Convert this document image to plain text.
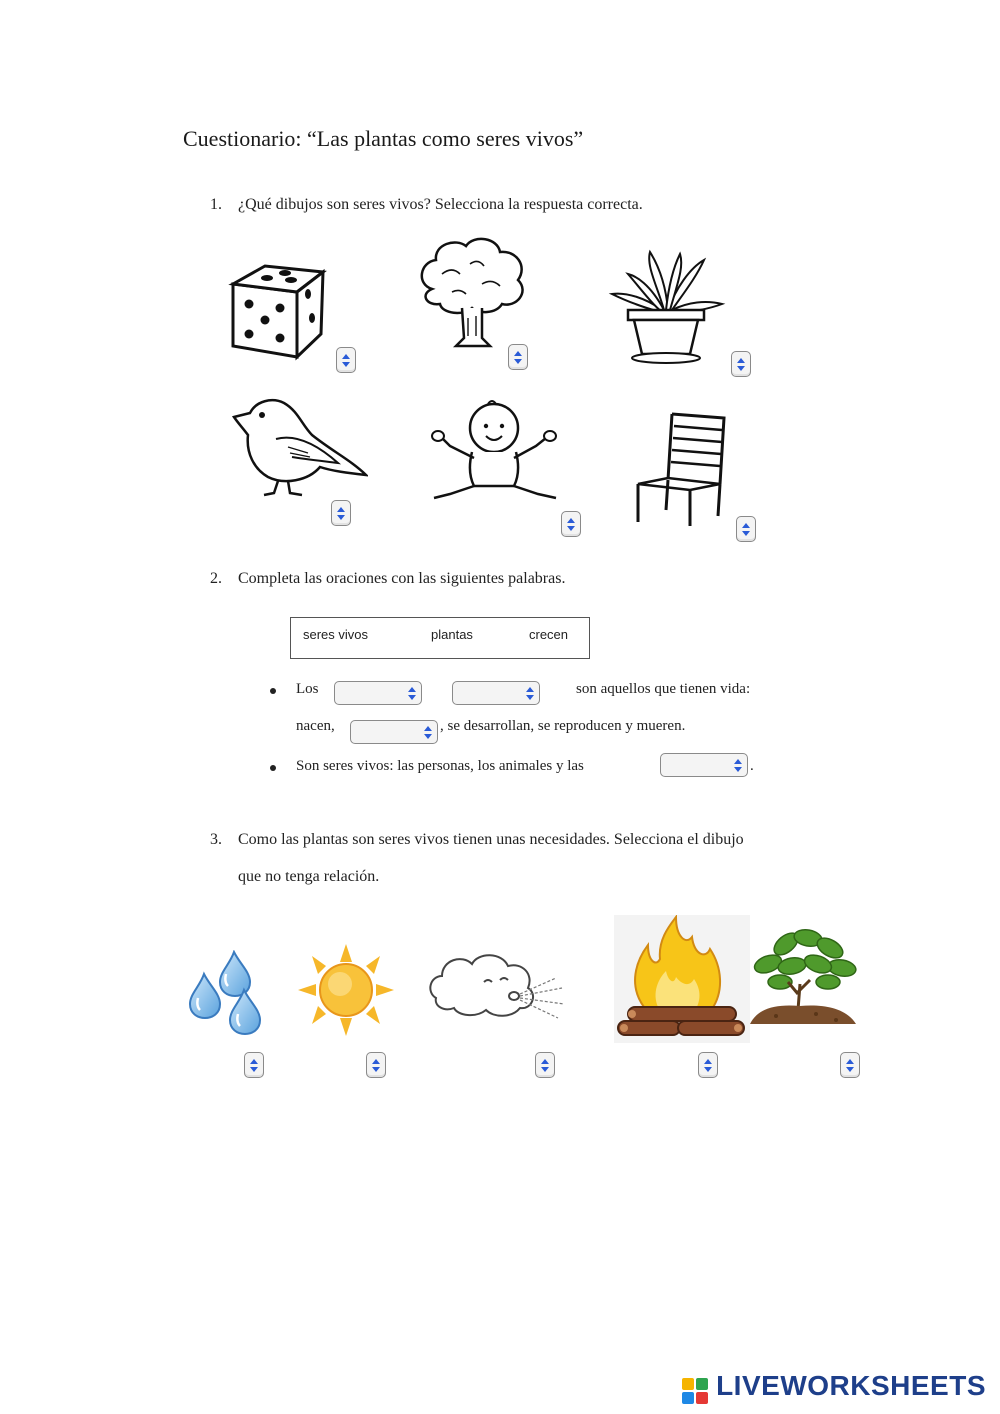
Cuestionario: “Las plantas como seres vivos”
1. ¿Qué dibujos son seres vivos? Selecciona la respuesta correcta.
2. Completa las oraciones con las siguientes palabras.
seres vivos	plantas	crecen
Los	son aquellos que tienen vida:
nacen,	, se desarrollan, se reproducen y mueren.
Son seres vivos: las personas, los animales y las	.
3. Como las plantas son seres vivos tienen unas necesidades. Selecciona el dibujo
que no tenga relación.
LIVEWORKSHEETS
